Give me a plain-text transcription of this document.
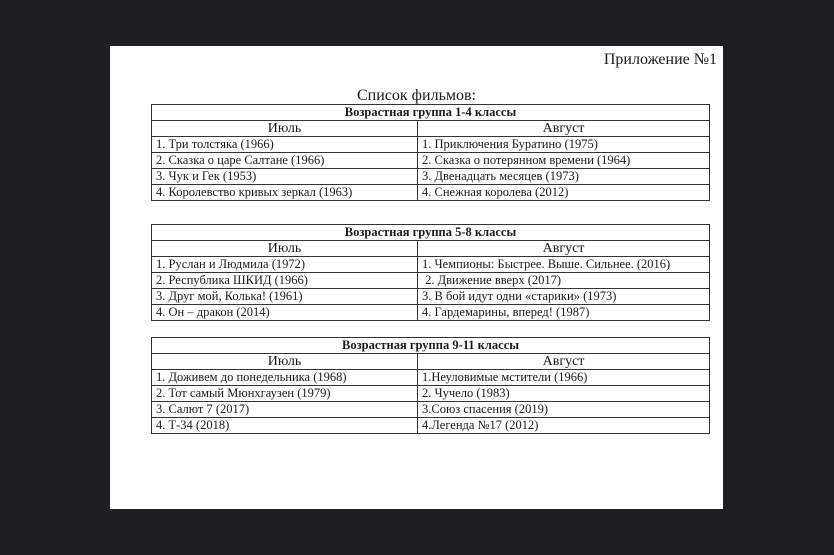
Приложение №1
Список фильмов:
Возрастная группа 1-4 классы	
Июль	Август
1. Три толстяка (1966)	1. Приключения Буратино (1975)
2. Сказка о царе Салтане (1966)	2. Сказка о потерянном времени (1964)
3. Чук и Гек (1953)	3. Двенадцать месяцев (1973)
4. Королевство кривых зеркал (1963)	4. Снежная королева (2012)
Возрастная группа 5-8 классы	
Июль	Август
1. Руслан и Людмила (1972)	1. Чемпионы: Быстрее. Выше. Сильнее. (2016)
2. Республика ШКИД (1966)	2. Движение вверх (2017)
3. Друг мой, Колька! (1961)	3. В бой идут одни «старики» (1973)
4. Он – дракон (2014)	4. Гардемарины, вперед! (1987)
Возрастная группа 9-11 классы	
Июль	Август
1. Доживем до понедельника (1968)	1.Неуловимые мстители (1966)
2. Тот самый Мюнхгаузен (1979)	2. Чучело (1983)
3. Салют 7 (2017)	3.Союз спасения (2019)
4. Т-34 (2018)	4.Легенда №17 (2012)
